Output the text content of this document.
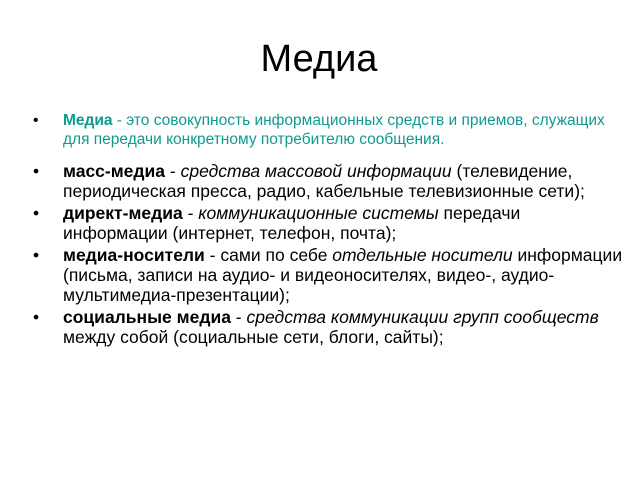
Медиа
• Медиа - это совокупность информационных средств и приемов, служащих для передачи конкретному потребителю сообщения.
• масс-медиа - средства массовой информации (телевидение, периодическая пресса, радио, кабельные телевизионные сети);
• директ-медиа - коммуникационные системы передачи информации (интернет, телефон, почта);
• медиа-носители - сами по себе отдельные носители информации (письма, записи на аудио- и видеоносителях, видео-, аудио- мультимедиа-презентации);
• социальные медиа - средства коммуникации групп сообществ между собой (социальные сети, блоги, сайты);
